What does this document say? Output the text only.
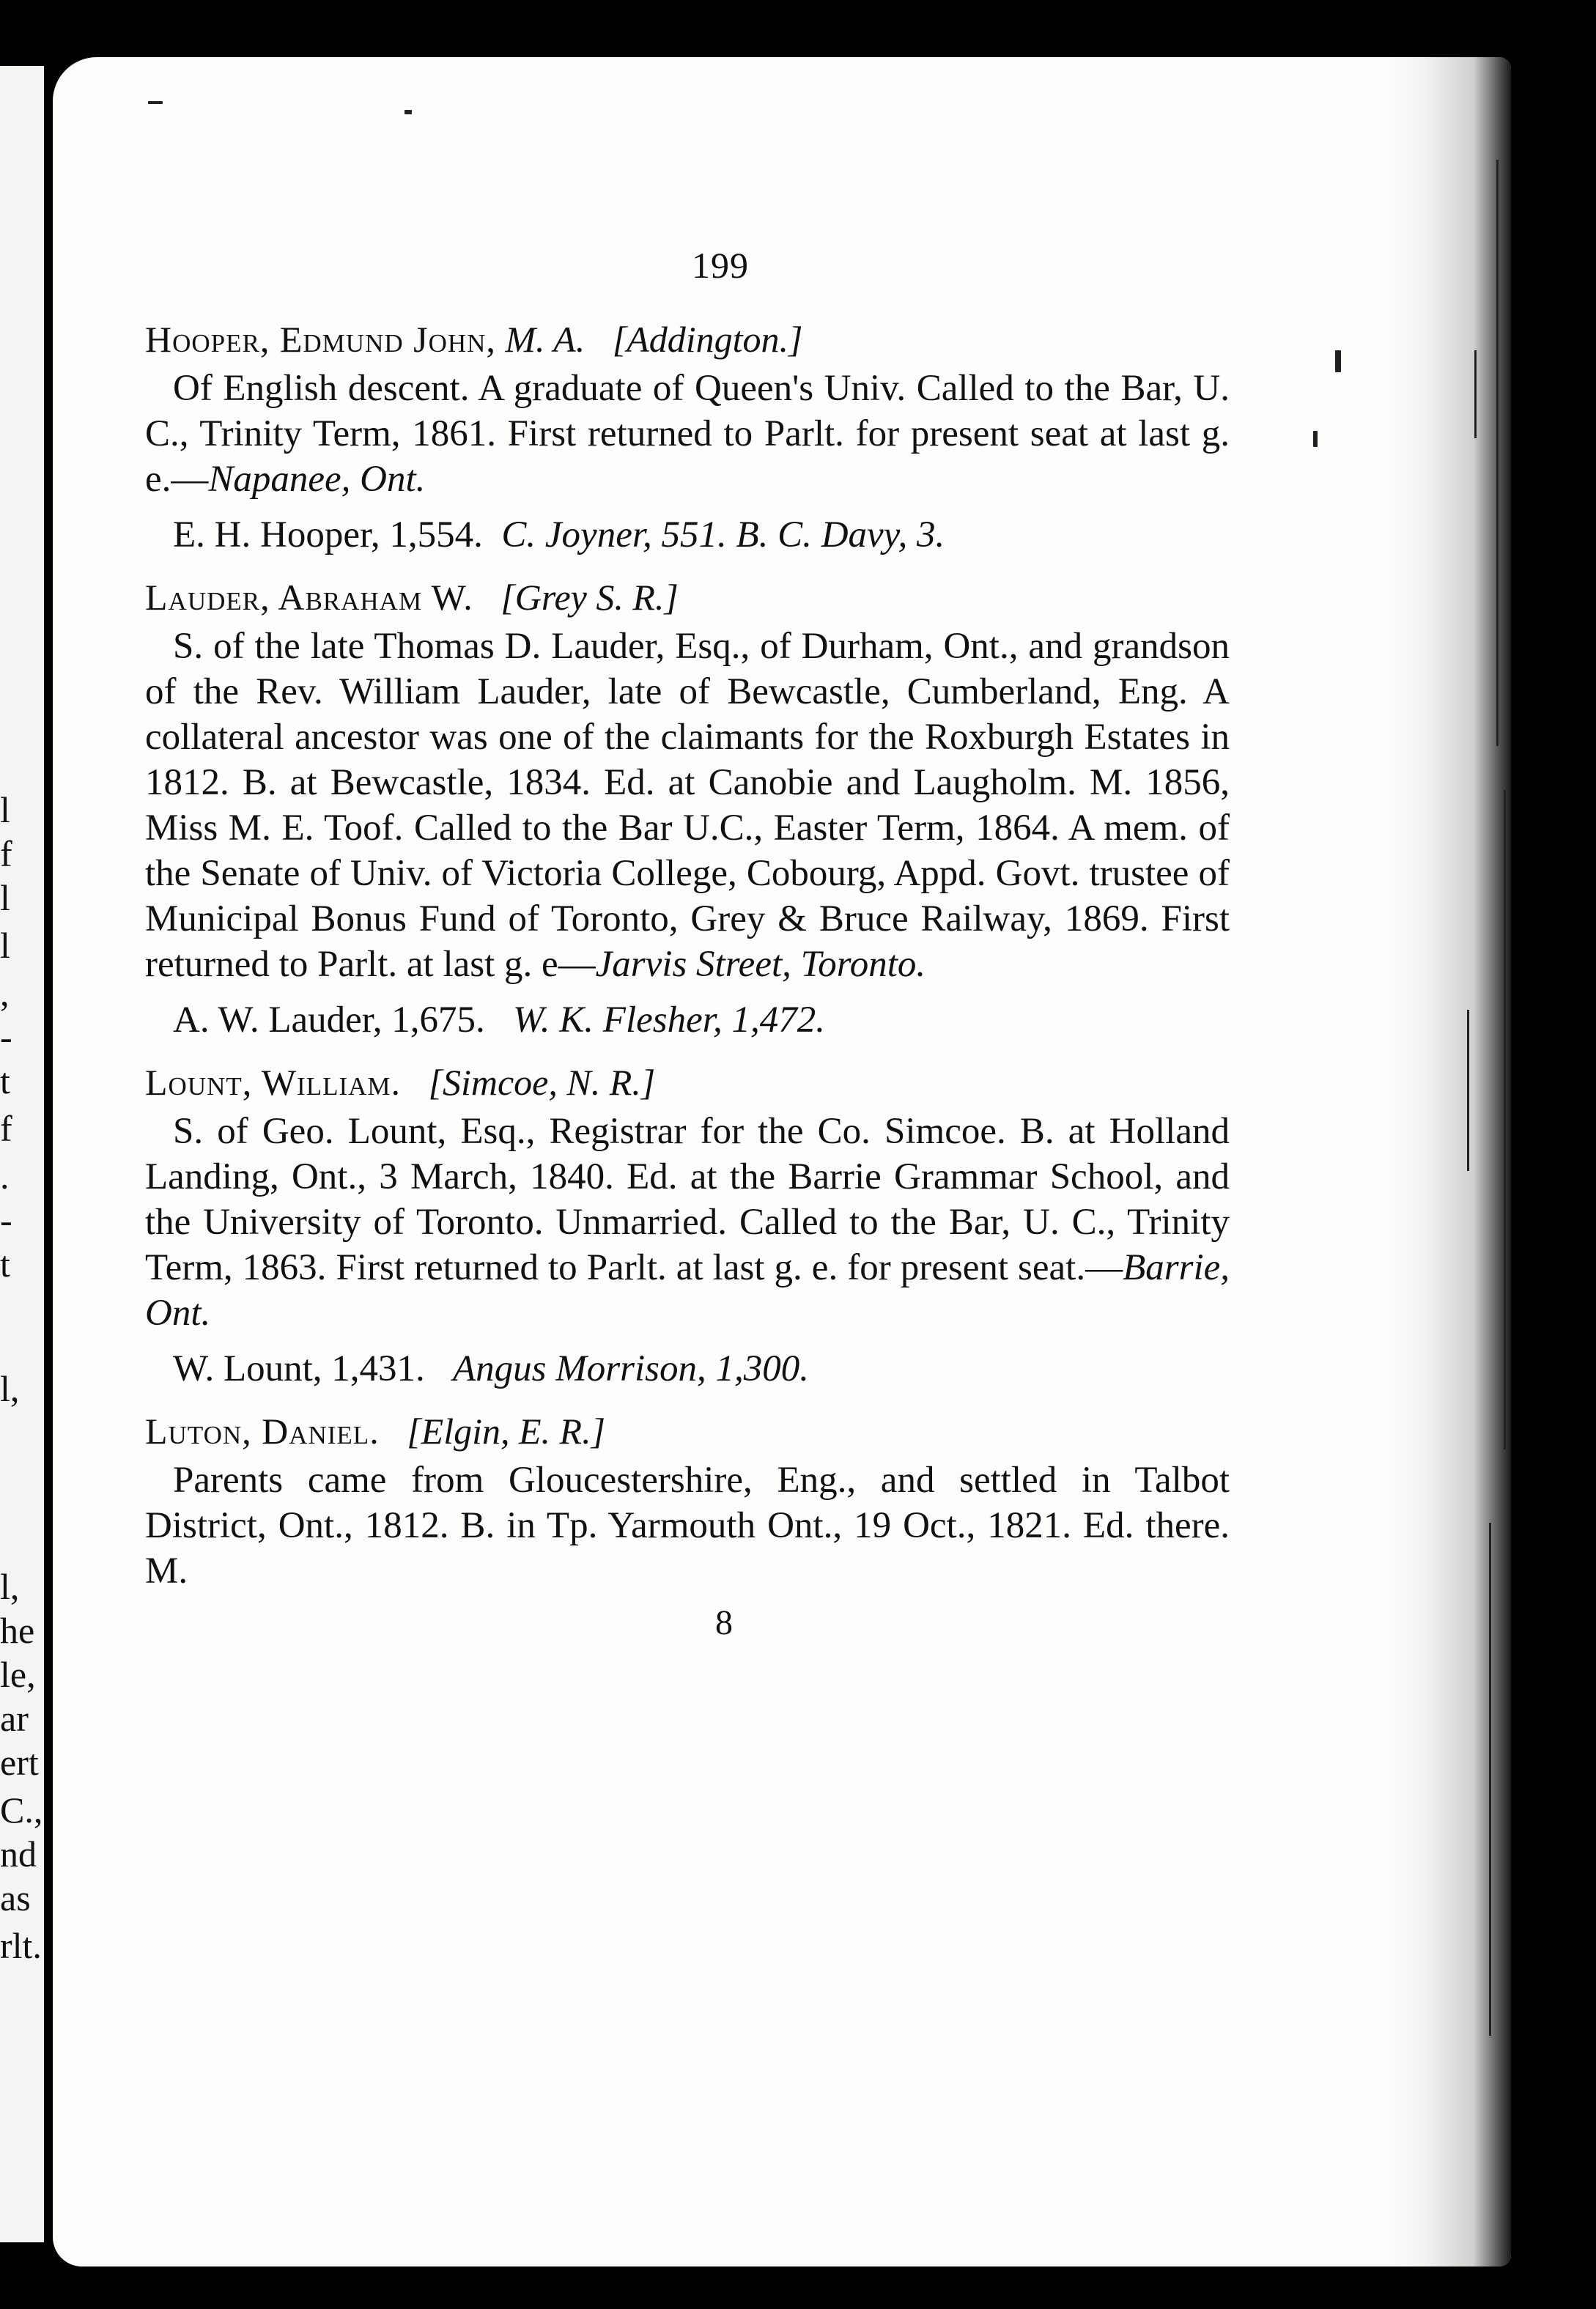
l
f
l
l
,
-
t
f
.
-
t
l,
l,
he
le,
ar
ert
C.,
nd
as
rlt.
199
Hooper, Edmund John, M. A. [Addington.]

Of English descent. A graduate of Queen's Univ. Called to the Bar, U. C., Trinity Term, 1861. First returned to Parlt. for present seat at last g. e.—Napanee, Ont.

E. H. Hooper, 1,554. C. Joyner, 551. B. C. Davy, 3.

Lauder, Abraham W. [Grey S. R.]

S. of the late Thomas D. Lauder, Esq., of Durham, Ont., and grandson of the Rev. William Lauder, late of Bewcastle, Cumberland, Eng. A collateral ancestor was one of the claimants for the Roxburgh Estates in 1812. B. at Bewcastle, 1834. Ed. at Canobie and Laugholm. M. 1856, Miss M. E. Toof. Called to the Bar U.C., Easter Term, 1864. A mem. of the Senate of Univ. of Victoria College, Cobourg, Appd. Govt. trustee of Municipal Bonus Fund of Toronto, Grey & Bruce Railway, 1869. First returned to Parlt. at last g. e—Jarvis Street, Toronto.

A. W. Lauder, 1,675. W. K. Flesher, 1,472.

Lount, William. [Simcoe, N. R.]

S. of Geo. Lount, Esq., Registrar for the Co. Simcoe. B. at Holland Landing, Ont., 3 March, 1840. Ed. at the Barrie Grammar School, and the University of Toronto. Unmarried. Called to the Bar, U. C., Trinity Term, 1863. First returned to Parlt. at last g. e. for present seat.—Barrie, Ont.

W. Lount, 1,431. Angus Morrison, 1,300.

Luton, Daniel. [Elgin, E. R.]

Parents came from Gloucestershire, Eng., and settled in Talbot District, Ont., 1812. B. in Tp. Yarmouth Ont., 19 Oct., 1821. Ed. there. M.

8
